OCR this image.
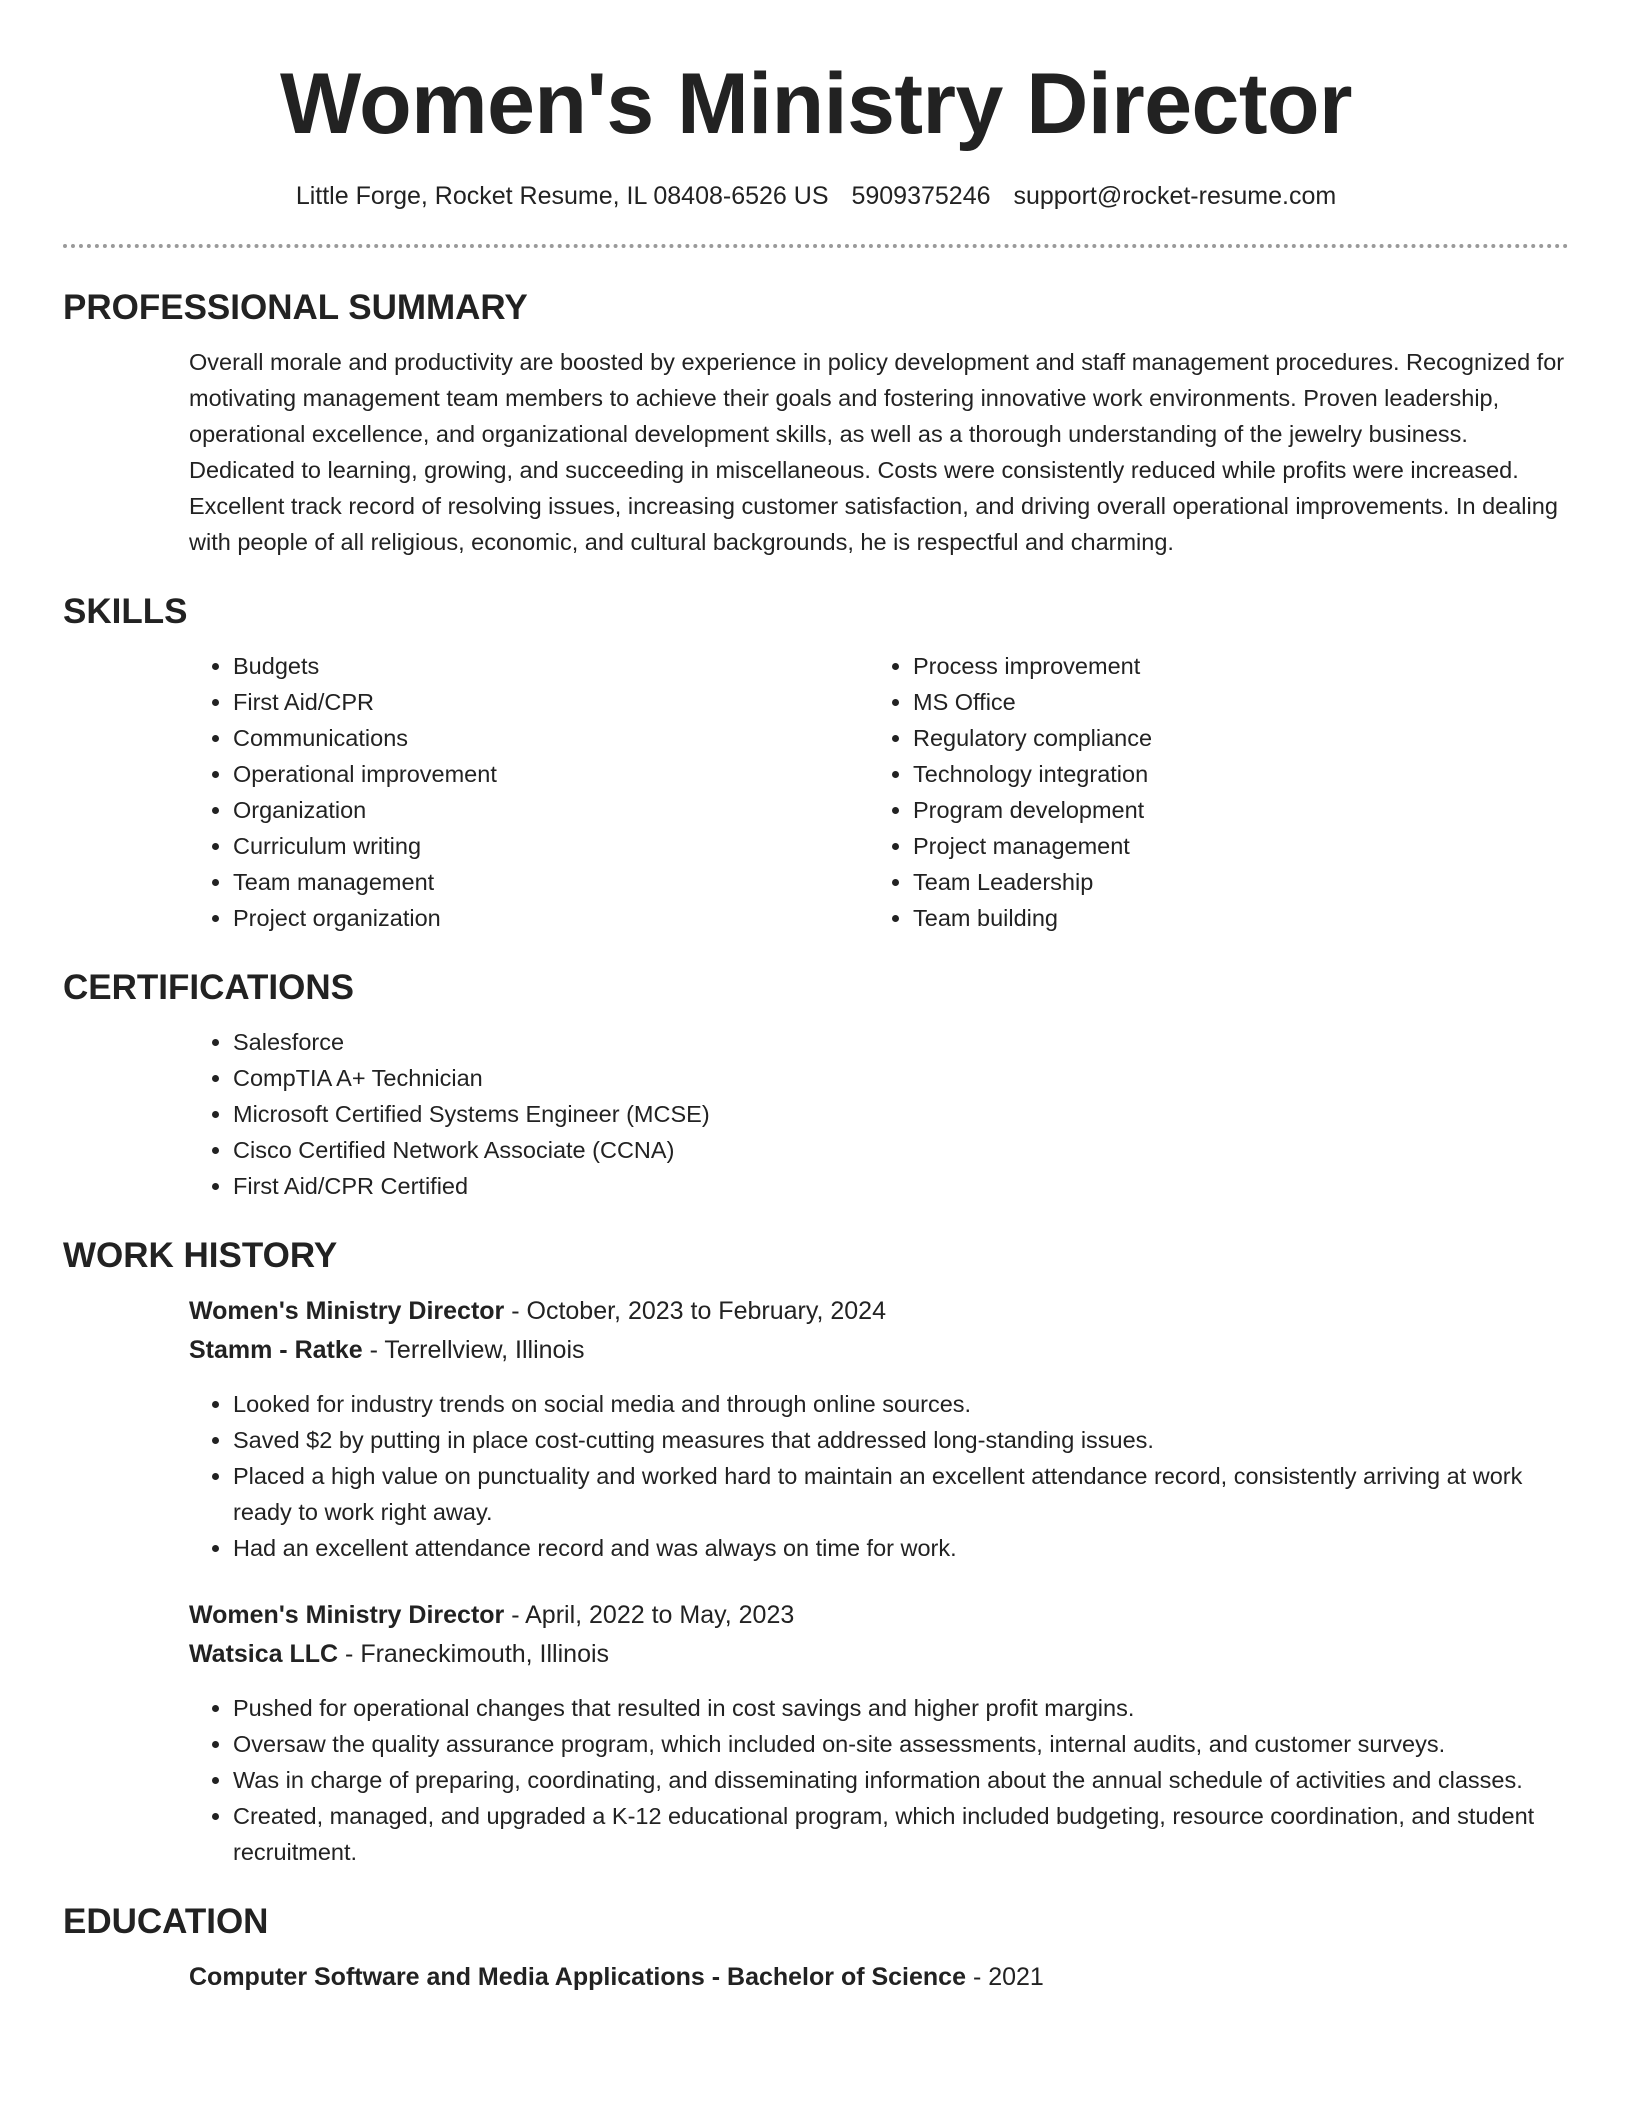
Women's Ministry Director
Little Forge, Rocket Resume, IL 08408-6526 US 5909375246 support@rocket-resume.com
PROFESSIONAL SUMMARY

Overall morale and productivity are boosted by experience in policy development and staff management procedures. Recognized for motivating management team members to achieve their goals and fostering innovative work environments. Proven leadership, operational excellence, and organizational development skills, as well as a thorough understanding of the jewelry business. Dedicated to learning, growing, and succeeding in miscellaneous. Costs were consistently reduced while profits were increased. Excellent track record of resolving issues, increasing customer satisfaction, and driving overall operational improvements. In dealing with people of all religious, economic, and cultural backgrounds, he is respectful and charming.

SKILLS
• Budgets
• First Aid/CPR
• Communications
• Operational improvement
• Organization
• Curriculum writing
• Team management
• Project organization
• Process improvement
• MS Office
• Regulatory compliance
• Technology integration
• Program development
• Project management
• Team Leadership
• Team building
CERTIFICATIONS
• Salesforce
• CompTIA A+ Technician
• Microsoft Certified Systems Engineer (MCSE)
• Cisco Certified Network Associate (CCNA)
• First Aid/CPR Certified
WORK HISTORY
Women's Ministry Director - October, 2023 to February, 2024
Stamm - Ratke - Terrellview, Illinois
• Looked for industry trends on social media and through online sources.
• Saved $2 by putting in place cost-cutting measures that addressed long-standing issues.
• Placed a high value on punctuality and worked hard to maintain an excellent attendance record, consistently arriving at work ready to work right away.
• Had an excellent attendance record and was always on time for work.
Women's Ministry Director - April, 2022 to May, 2023
Watsica LLC - Franeckimouth, Illinois
• Pushed for operational changes that resulted in cost savings and higher profit margins.
• Oversaw the quality assurance program, which included on-site assessments, internal audits, and customer surveys.
• Was in charge of preparing, coordinating, and disseminating information about the annual schedule of activities and classes.
• Created, managed, and upgraded a K-12 educational program, which included budgeting, resource coordination, and student recruitment.
EDUCATION
Computer Software and Media Applications - Bachelor of Science - 2021
